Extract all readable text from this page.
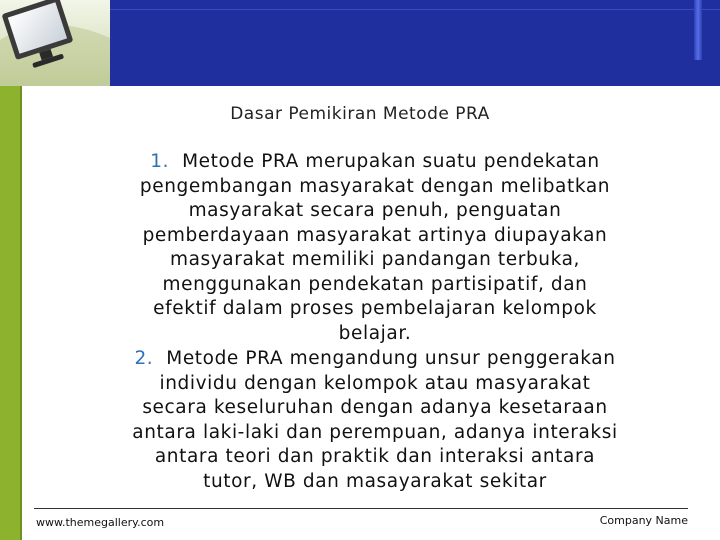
Dasar Pemikiran Metode PRA
1. Metode PRA merupakan suatu pendekatan
pengembangan masyarakat dengan melibatkan
masyarakat secara penuh, penguatan
pemberdayaan masyarakat artinya diupayakan
masyarakat memiliki pandangan terbuka,
menggunakan pendekatan partisipatif, dan
efektif dalam proses pembelajaran kelompok
belajar.
2. Metode PRA mengandung unsur penggerakan
individu dengan kelompok atau masyarakat
secara keseluruhan dengan adanya kesetaraan
antara laki-laki dan perempuan, adanya interaksi
antara teori dan praktik dan interaksi antara
tutor, WB dan masayarakat sekitar
www.themegallery.com	Company Name
